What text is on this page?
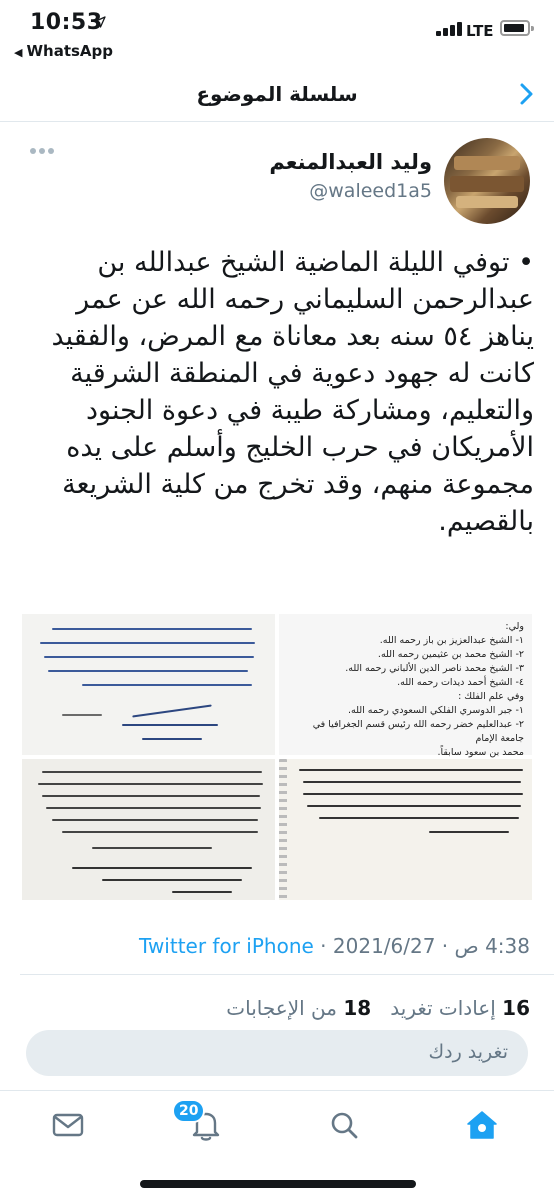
10:53
◀ WhatsApp
LTE
سلسلة الموضوع
وليد العبدالمنعم
@waleed1a5
• توفي الليلة الماضية الشيخ عبدالله بن عبدالرحمن السليماني رحمه الله عن عمر يناهز ٥٤ سنه بعد معاناة مع المرض، والفقيد كانت له جهود دعوية في المنطقة الشرقية والتعليم، ومشاركة طيبة في دعوة الجنود الأمريكان في حرب الخليج وأسلم على يده مجموعة منهم، وقد تخرج من كلية الشريعة بالقصيم.
ولي:
١- الشيخ عبدالعزيز بن باز رحمه الله.
٢- الشيخ محمد بن عثيمين رحمه الله.
٣- الشيخ محمد ناصر الدين الألباني رحمه الله.
٤- الشيخ أحمد ديدات رحمه الله.
وفي علم الفلك :
١- جبر الدوسري الفلكي السعودي رحمه الله.
٢- عبدالعليم خضر رحمه الله رئيس قسم الجغرافيا في جامعة الإمام
محمد بن سعود سابقاً.
4:38 ص · 2021/6/27 · Twitter for iPhone
16 إعادات تغريد   18 من الإعجابات
تغريد ردك
20
